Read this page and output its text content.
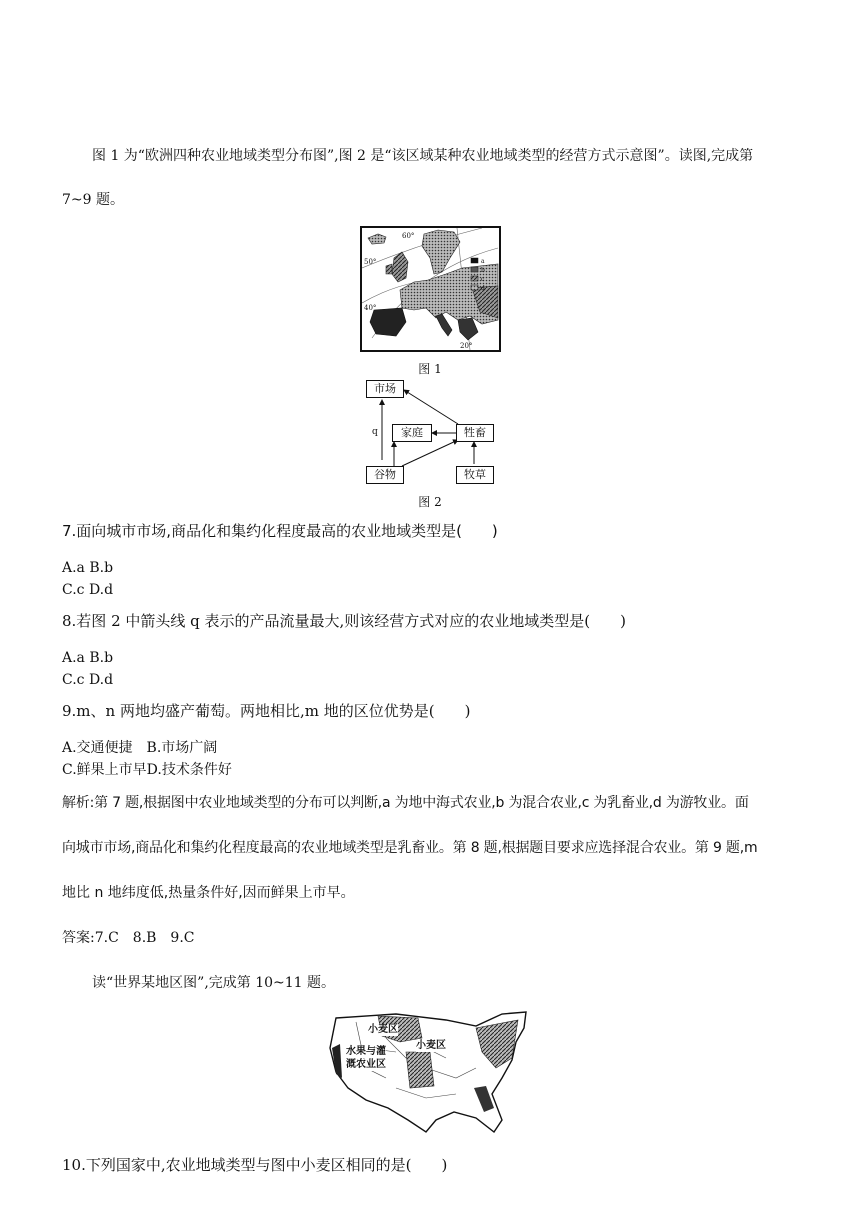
图 1 为“欧洲四种农业地域类型分布图”,图 2 是“该区域某种农业地域类型的经营方式示意图”。读图,完成第
7~9 题。
a
b
c
d
60°
50°
40°
20°
图 1
q
市场
家庭	牲畜
谷物	牧草
图 2
7.面向城市市场,商品化和集约化程度最高的农业地域类型是(　　)
A.a B.b
C.c D.d
8.若图 2 中箭头线 q 表示的产品流量最大,则该经营方式对应的农业地域类型是(　　)
A.a B.b
C.c D.d
9.m、n 两地均盛产葡萄。两地相比,m 地的区位优势是(　　)
A.交通便捷　B.市场广阔
C.鲜果上市早D.技术条件好
解析:第 7 题,根据图中农业地域类型的分布可以判断,a 为地中海式农业,b 为混合农业,c 为乳畜业,d 为游牧业。面
向城市市场,商品化和集约化程度最高的农业地域类型是乳畜业。第 8 题,根据题目要求应选择混合农业。第 9 题,m
地比 n 地纬度低,热量条件好,因而鲜果上市早。
答案:7.C　8.B　9.C
读“世界某地区图”,完成第 10~11 题。
小麦区
小麦区
水果与灌
溉农业区
10.下列国家中,农业地域类型与图中小麦区相同的是(　　)
